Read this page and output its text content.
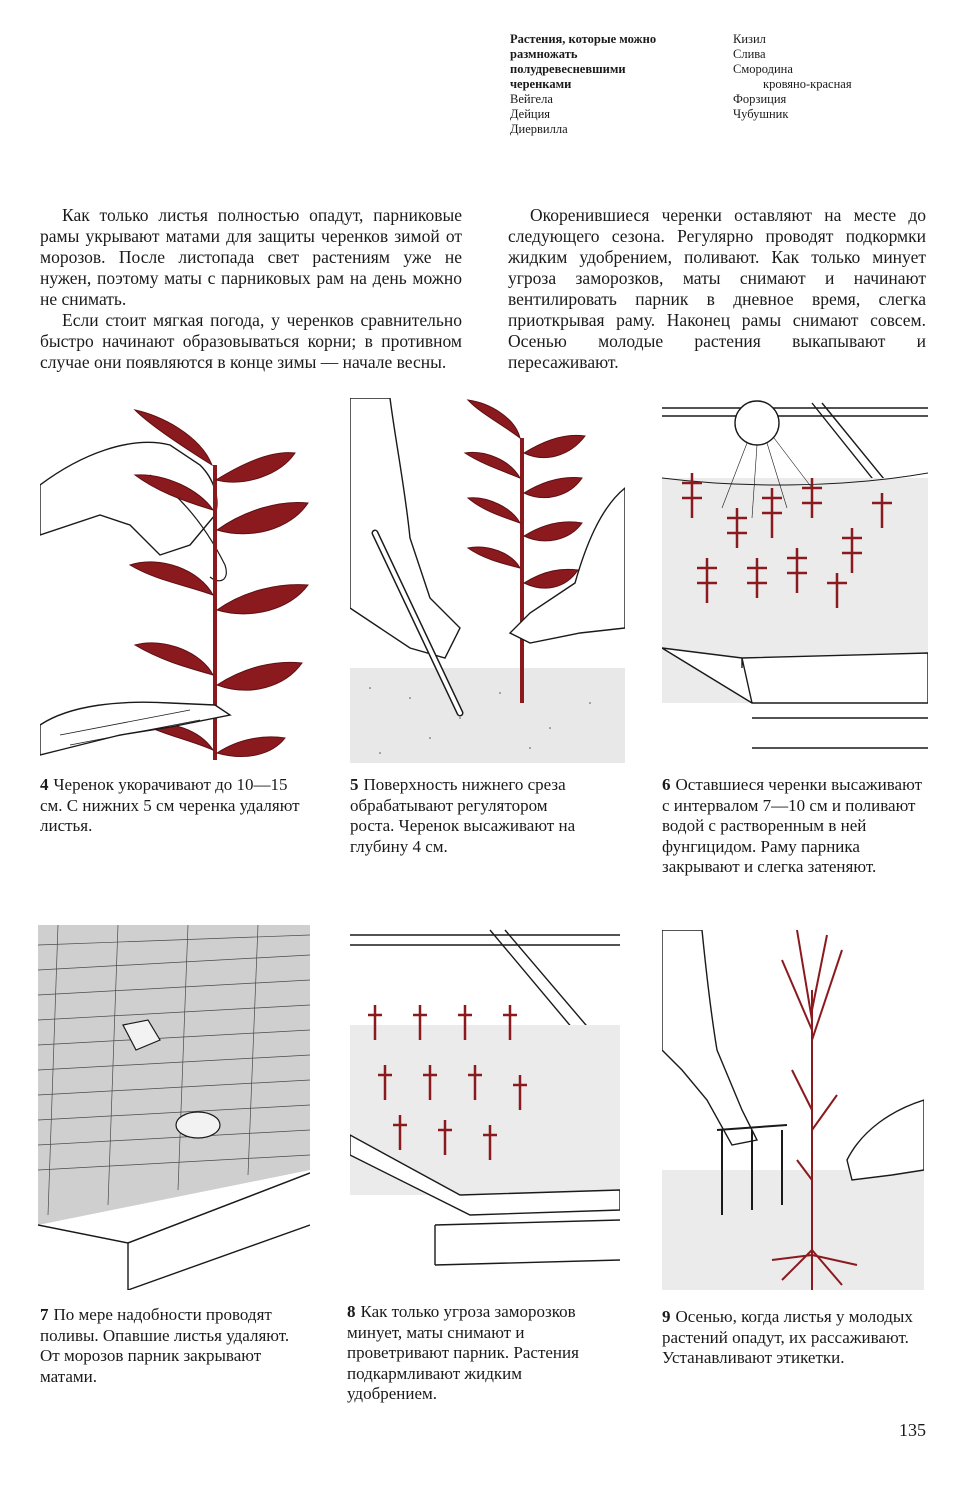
Растения, которые можно
размножать
полудревесневшими
черенками
Вейгела
Дейция
Диервилла
Кизил
Слива
Смородина
кровяно-красная
Форзиция
Чубушник

Как только листья полностью опадут, парниковые рамы укрывают матами для защиты черенков зимой от морозов. После листопада свет растениям уже не нужен, поэтому маты с парниковых рам на день можно не снимать.

Если стоит мягкая погода, у черенков сравнительно быстро начинают образовываться корни; в противном случае они появляются в конце зимы — начале весны.

Окоренившиеся черенки оставляют на месте до следующего сезона. Регулярно проводят подкормки жидким удобрением, поливают. Как только минует угроза заморозков, маты снимают и начинают вентилировать парник в дневное время, слегка приоткрывая раму. Наконец рамы снимают совсем. Осенью молодые растения выкапывают и пересаживают.

4 Черенок укорачивают до 10—15 см. С нижних 5 см черенка удаляют листья.
5 Поверхность нижнего среза обрабатывают регулятором роста. Черенок высаживают на глубину 4 см.
6 Оставшиеся черенки высаживают с интервалом 7—10 см и поливают водой с растворенным в ней фунгицидом. Раму парника закрывают и слегка затеняют.
7 По мере надобности проводят поливы. Опавшие листья удаляют. От морозов парник закрывают матами.
8 Как только угроза заморозков минует, маты снимают и проветривают парник. Растения подкармливают жидким удобрением.
9 Осенью, когда листья у молодых растений опадут, их рассаживают. Устанавливают этикетки.
135
